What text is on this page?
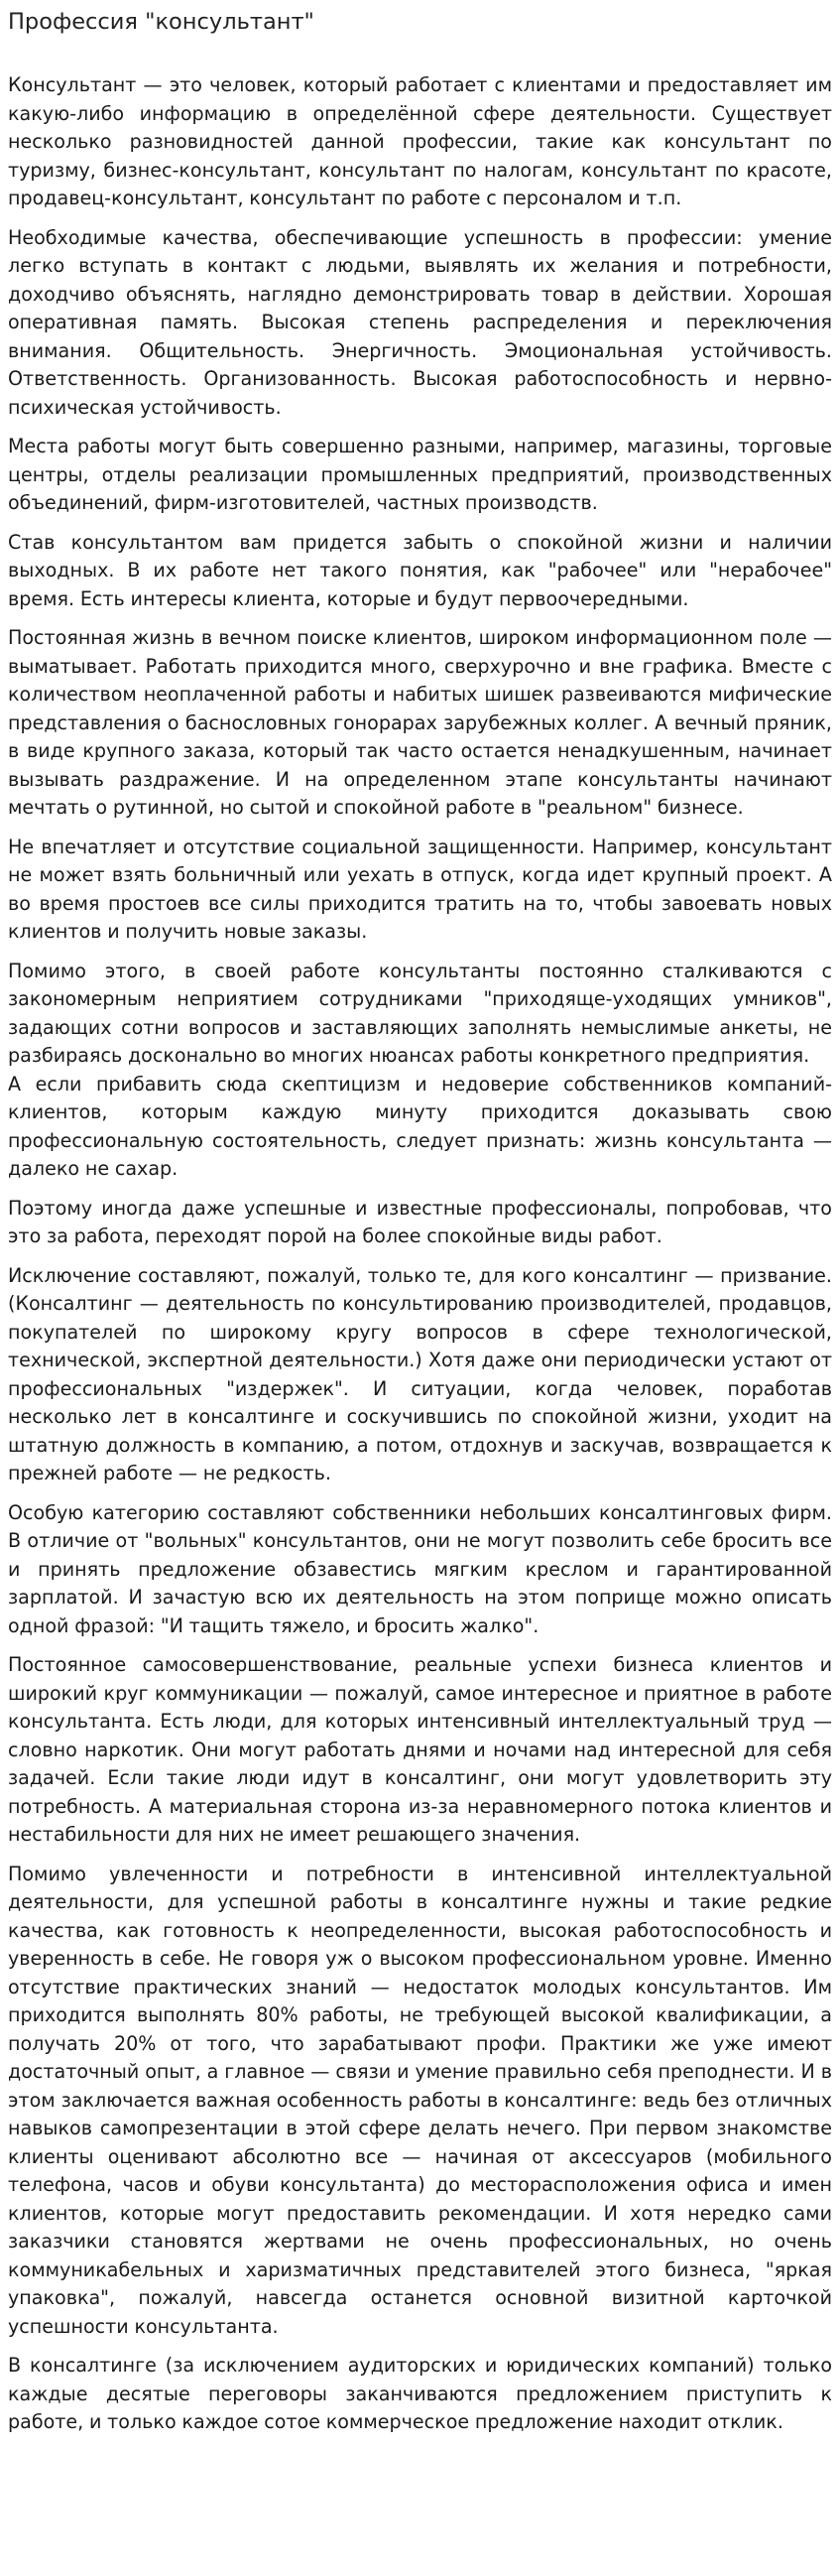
Профессия "консультант"

Консультант — это человек, который работает с клиентами и предоставляет им какую-либо информацию в определённой сфере деятельности. Существует несколько разновидностей данной профессии, такие как консультант по туризму, бизнес-консультант, консультант по налогам, консультант по красоте, продавец-консультант, консультант по работе с персоналом и т.п.

Необходимые качества, обеспечивающие успешность в профессии: умение легко вступать в контакт с людьми, выявлять их желания и потребности, доходчиво объяснять, наглядно демонстрировать товар в действии. Хорошая оперативная память. Высокая степень распределения и переключения внимания. Общительность. Энергичность. Эмоциональная устойчивость. Ответственность. Организованность. Высокая работоспособность и нервно-психическая устойчивость.

Места работы могут быть совершенно разными, например, магазины, торговые центры, отделы реализации промышленных предприятий, производственных объединений, фирм-изготовителей, частных производств.

Став консультантом вам придется забыть о спокойной жизни и наличии выходных. В их работе нет такого понятия, как "рабочее" или "нерабочее" время. Есть интересы клиента, которые и будут первоочередными.

Постоянная жизнь в вечном поиске клиентов, широком информационном поле — выматывает. Работать приходится много, сверхурочно и вне графика. Вместе с количеством неоплаченной работы и набитых шишек развеиваются мифические представления о баснословных гонорарах зарубежных коллег. А вечный пряник, в виде крупного заказа, который так часто остается ненадкушенным, начинает вызывать раздражение. И на определенном этапе консультанты начинают мечтать о рутинной, но сытой и спокойной работе в "реальном" бизнесе.

Не впечатляет и отсутствие социальной защищенности. Например, консультант не может взять больничный или уехать в отпуск, когда идет крупный проект. А во время простоев все силы приходится тратить на то, чтобы завоевать новых клиентов и получить новые заказы.

Помимо этого, в своей работе консультанты постоянно сталкиваются с закономерным неприятием сотрудниками "приходяще-уходящих умников", задающих сотни вопросов и заставляющих заполнять немыслимые анкеты, не разбираясь досконально во многих нюансах работы конкретного предприятия.
А если прибавить сюда скептицизм и недоверие собственников компаний-клиентов, которым каждую минуту приходится доказывать свою профессиональную состоятельность, следует признать: жизнь консультанта — далеко не сахар.

Поэтому иногда даже успешные и известные профессионалы, попробовав, что это за работа, переходят порой на более спокойные виды работ.

Исключение составляют, пожалуй, только те, для кого консалтинг — призвание. (Консалтинг — деятельность по консультированию производителей, продавцов, покупателей по широкому кругу вопросов в сфере технологической, технической, экспертной деятельности.) Хотя даже они периодически устают от профессиональных "издержек". И ситуации, когда человек, поработав несколько лет в консалтинге и соскучившись по спокойной жизни, уходит на штатную должность в компанию, а потом, отдохнув и заскучав, возвращается к прежней работе — не редкость.

Особую категорию составляют собственники небольших консалтинговых фирм. В отличие от "вольных" консультантов, они не могут позволить себе бросить все и принять предложение обзавестись мягким креслом и гарантированной зарплатой. И зачастую всю их деятельность на этом поприще можно описать одной фразой: "И тащить тяжело, и бросить жалко".

Постоянное самосовершенствование, реальные успехи бизнеса клиентов и широкий круг коммуникации — пожалуй, самое интересное и приятное в работе консультанта. Есть люди, для которых интенсивный интеллектуальный труд — словно наркотик. Они могут работать днями и ночами над интересной для себя задачей. Если такие люди идут в консалтинг, они могут удовлетворить эту потребность. А материальная сторона из-за неравномерного потока клиентов и нестабильности для них не имеет решающего значения.

Помимо увлеченности и потребности в интенсивной интеллектуальной деятельности, для успешной работы в консалтинге нужны и такие редкие качества, как готовность к неопределенности, высокая работоспособность и уверенность в себе. Не говоря уж о высоком профессиональном уровне. Именно отсутствие практических знаний — недостаток молодых консультантов. Им приходится выполнять 80% работы, не требующей высокой квалификации, а получать 20% от того, что зарабатывают профи. Практики же уже имеют достаточный опыт, а главное — связи и умение правильно себя преподнести. И в этом заключается важная особенность работы в консалтинге: ведь без отличных навыков самопрезентации в этой сфере делать нечего. При первом знакомстве клиенты оценивают абсолютно все — начиная от аксессуаров (мобильного телефона, часов и обуви консультанта) до месторасположения офиса и имен клиентов, которые могут предоставить рекомендации. И хотя нередко сами заказчики становятся жертвами не очень профессиональных, но очень коммуникабельных и харизматичных представителей этого бизнеса, "яркая упаковка", пожалуй, навсегда останется основной визитной карточкой успешности консультанта.

В консалтинге (за исключением аудиторских и юридических компаний) только каждые десятые переговоры заканчиваются предложением приступить к работе, и только каждое сотое коммерческое предложение находит отклик.
